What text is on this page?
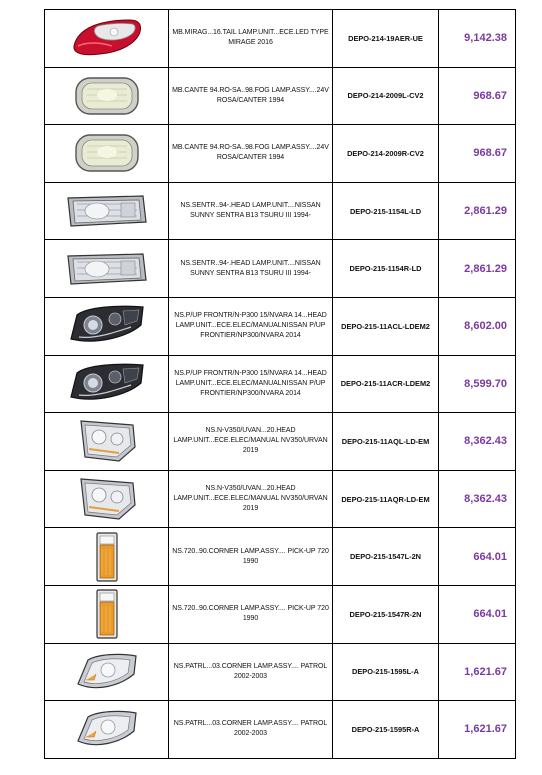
	MB.MIRAG...16.TAIL LAMP.UNIT...ECE.LED TYPE MIRAGE 2016	DEPO-214-19AER-UE	9,142.38

	MB.CANTE 94.RO-SA..98.FOG LAMP.ASSY....24V ROSA/CANTER 1994	DEPO-214-2009L-CV2	968.67

	MB.CANTE 94.RO-SA..98.FOG LAMP.ASSY....24V ROSA/CANTER 1994	DEPO-214-2009R-CV2	968.67

	NS.SENTR..94-.HEAD LAMP.UNIT....NISSAN SUNNY SENTRA B13 TSURU III 1994-	DEPO-215-1154L-LD	2,861.29

	NS.SENTR..94-.HEAD LAMP.UNIT....NISSAN SUNNY SENTRA B13 TSURU III 1994-	DEPO-215-1154R-LD	2,861.29

	NS.P/UP FRONTR/N-P300 15/NVARA 14...HEAD LAMP.UNIT...ECE.ELEC/MANUALNISSAN P/UP FRONTIER/NP300/NVARA 2014	DEPO-215-11ACL-LDEM2	8,602.00

	NS.P/UP FRONTR/N-P300 15/NVARA 14...HEAD LAMP.UNIT...ECE.ELEC/MANUALNISSAN P/UP FRONTIER/NP300/NVARA 2014	DEPO-215-11ACR-LDEM2	8,599.70

	NS.N-V350/UVAN...20.HEAD LAMP.UNIT...ECE.ELEC/MANUAL NV350/URVAN 2019	DEPO-215-11AQL-LD-EM	8,362.43

	NS.N-V350/UVAN...20.HEAD LAMP.UNIT...ECE.ELEC/MANUAL NV350/URVAN 2019	DEPO-215-11AQR-LD-EM	8,362.43

	NS.720..90.CORNER LAMP.ASSY.... PICK-UP 720 1990	DEPO-215-1547L-2N	664.01

	NS.720..90.CORNER LAMP.ASSY.... PICK-UP 720 1990	DEPO-215-1547R-2N	664.01

	NS.PATRL...03.CORNER LAMP.ASSY.... PATROL 2002-2003	DEPO-215-1595L-A	1,621.67

	NS.PATRL...03.CORNER LAMP.ASSY.... PATROL 2002-2003	DEPO-215-1595R-A	1,621.67
